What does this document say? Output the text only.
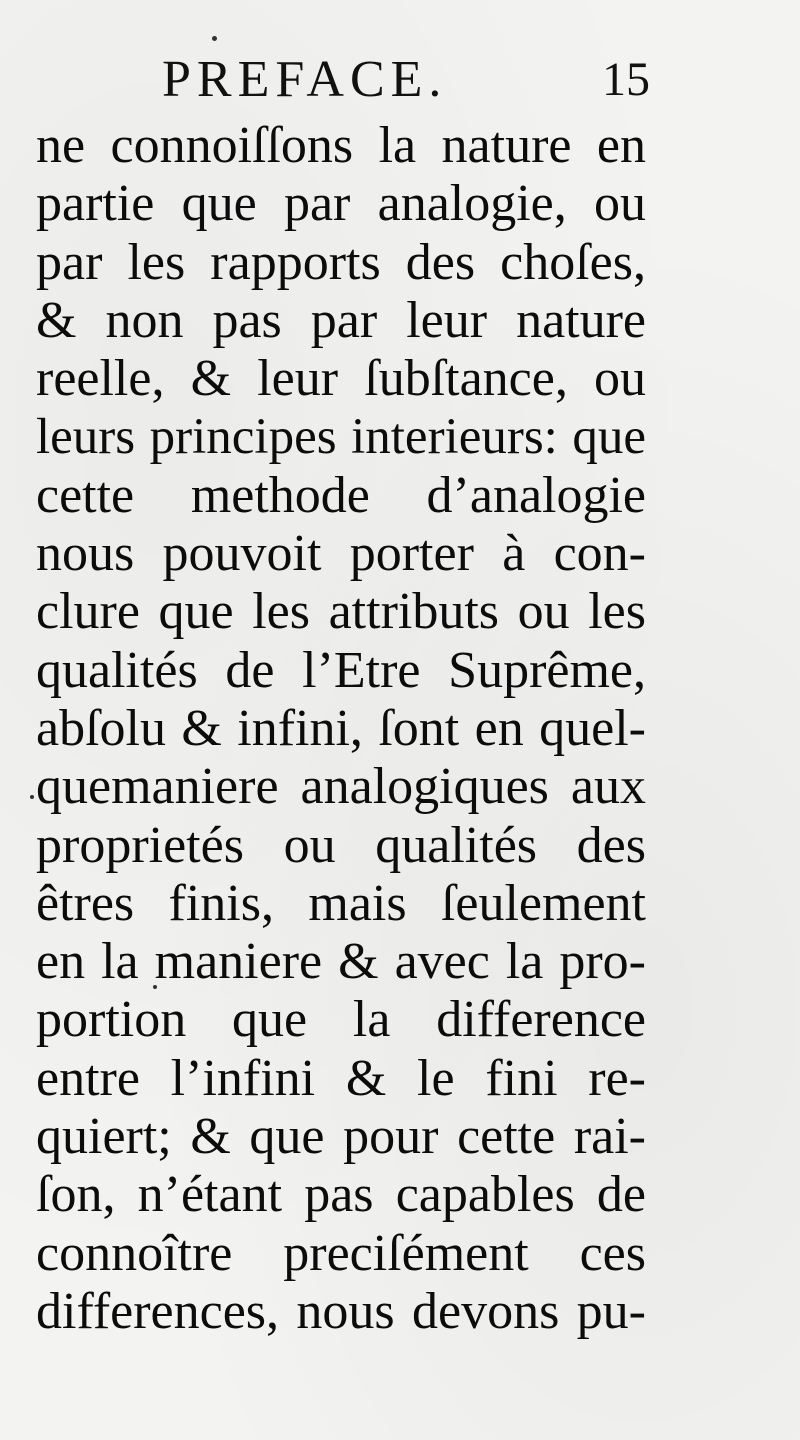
PREFACE.	15
ne connoiſſons la nature en
partie que par analogie, ou
par les rapports des choſes,
& non pas par leur nature
reelle, & leur ſubſtance, ou
leurs principes interieurs: que
cette methode d’analogie
nous pouvoit porter à con-
clure que les attributs ou les
qualités de l’Etre Suprême,
abſolu & infini, ſont en quel-
quemaniere analogiques aux
proprietés ou qualités des
êtres finis, mais ſeulement
en la maniere & avec la pro-
portion que la difference
entre l’infini & le fini re-
quiert; & que pour cette rai-
ſon, n’étant pas capables de
connoître preciſément ces
differences, nous devons pu-
